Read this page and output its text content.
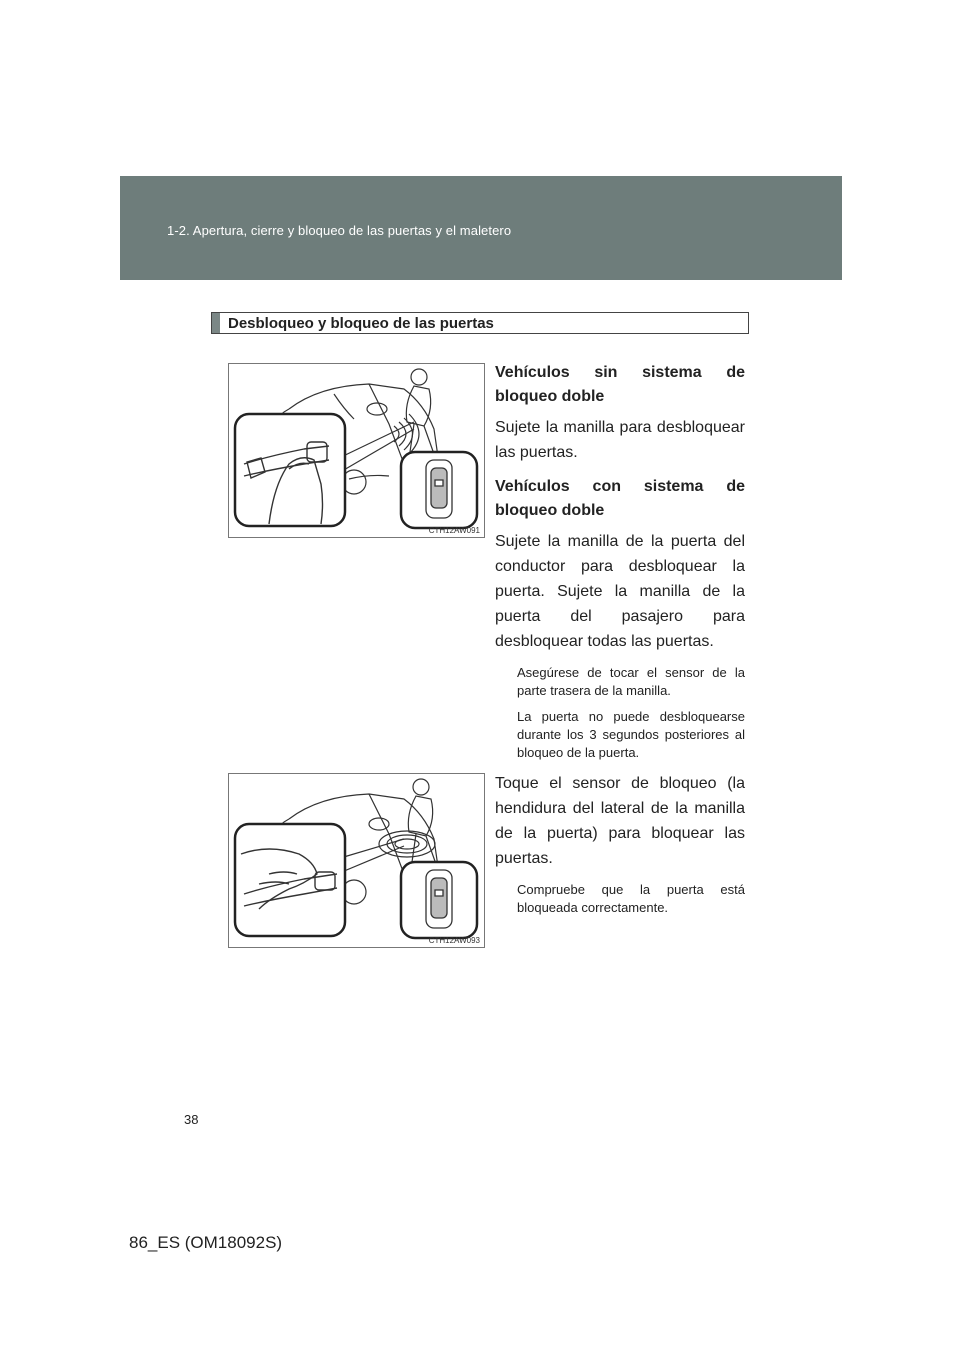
1-2. Apertura, cierre y bloqueo de las puertas y el maletero
Desbloqueo y bloqueo de las puertas
CTH12AW091

Vehículos sin sistema de

bloqueo doble

Sujete la manilla para desbloquear las puertas.

Vehículos con sistema de

bloqueo doble

Sujete la manilla de la puerta del conductor para desbloquear la puerta. Sujete la manilla de la puerta del pasajero para desbloquear todas las puertas.

Asegúrese de tocar el sensor de la parte trasera de la manilla.

La puerta no puede desbloquearse durante los 3 segundos posteriores al bloqueo de la puerta.

CTH12AW093

Toque el sensor de bloqueo (la hendidura del lateral de la manilla de la puerta) para bloquear las puertas.

Compruebe que la puerta está bloqueada correctamente.

38
86_ES (OM18092S)
